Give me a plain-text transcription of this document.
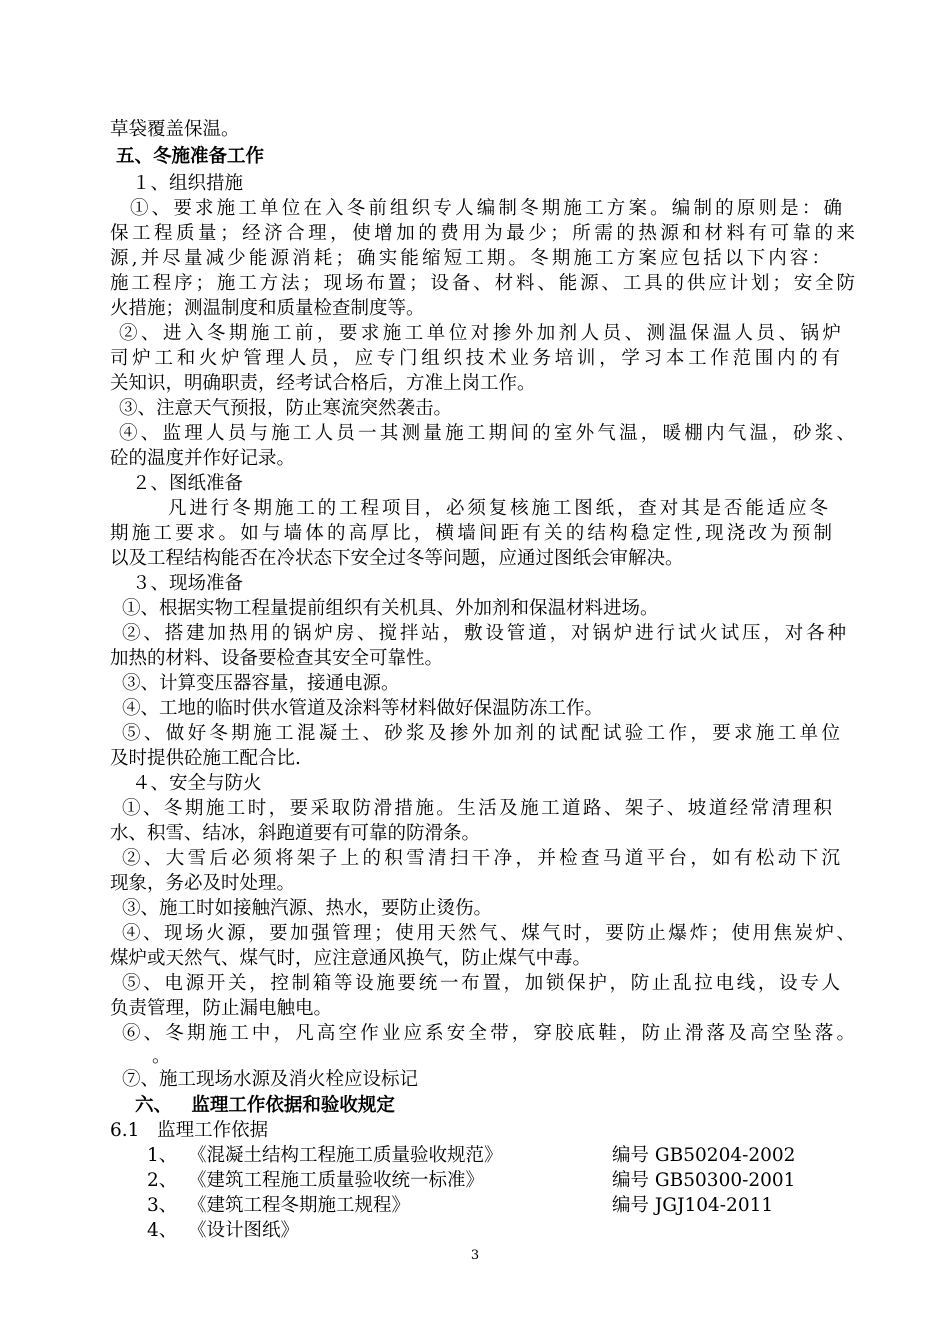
草袋覆盖保温。
五、冬施准备工作
１、组织措施
①、要求施工单位在入冬前组织专人编制冬期施工方案。编制的原则是：确
保工程质量；经济合理，使增加的费用为最少；所需的热源和材料有可靠的来
源,并尽量减少能源消耗；确实能缩短工期。冬期施工方案应包括以下内容：
施工程序；施工方法；现场布置；设备、材料、能源、工具的供应计划；安全防
火措施；测温制度和质量检查制度等。
②、进入冬期施工前，要求施工单位对掺外加剂人员、测温保温人员、锅炉
司炉工和火炉管理人员，应专门组织技术业务培训，学习本工作范围内的有
关知识，明确职责，经考试合格后，方准上岗工作。
③、注意天气预报，防止寒流突然袭击。
④、监理人员与施工人员一其测量施工期间的室外气温，暖棚内气温，砂浆、
砼的温度并作好记录。
２、图纸准备
凡进行冬期施工的工程项目，必须复核施工图纸，查对其是否能适应冬
期施工要求。如与墙体的高厚比，横墙间距有关的结构稳定性,现浇改为预制
以及工程结构能否在冷状态下安全过冬等问题，应通过图纸会审解决。
３、现场准备
①、根据实物工程量提前组织有关机具、外加剂和保温材料进场。
②、搭建加热用的锅炉房、搅拌站，敷设管道，对锅炉进行试火试压，对各种
加热的材料、设备要检查其安全可靠性。
③、计算变压器容量，接通电源。
④、工地的临时供水管道及涂料等材料做好保温防冻工作。
⑤、做好冬期施工混凝土、砂浆及掺外加剂的试配试验工作，要求施工单位
及时提供砼施工配合比.
４、安全与防火
①、冬期施工时，要采取防滑措施。生活及施工道路、架子、坡道经常清理积
水、积雪、结冰，斜跑道要有可靠的防滑条。
②、大雪后必须将架子上的积雪清扫干净，并检查马道平台，如有松动下沉
现象，务必及时处理。
③、施工时如接触汽源、热水，要防止烫伤。
④、现场火源，要加强管理；使用天然气、煤气时，要防止爆炸；使用焦炭炉、
煤炉或天然气、煤气时，应注意通风换气，防止煤气中毒。
⑤、电源开关，控制箱等设施要统一布置，加锁保护，防止乱拉电线，设专人
负责管理，防止漏电触电。
⑥、冬期施工中，凡高空作业应系安全带，穿胶底鞋，防止滑落及高空坠落。
。
⑦、施工现场水源及消火栓应设标记
六、   监理工作依据和验收规定
6.1   监理工作依据
1、 《混凝土结构工程施工质量验收规范》	编号 GB50204-2002
2、 《建筑工程施工质量验收统一标准》	编号 GB50300-2001
3、 《建筑工程冬期施工规程》	编号 JGJ104-2011
4、 《设计图纸》
3
